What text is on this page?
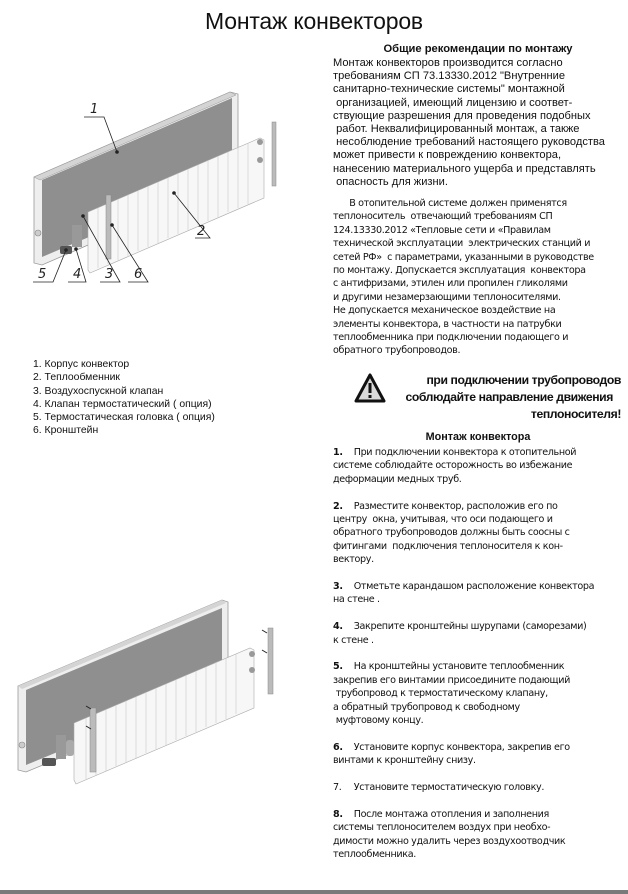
Монтаж конвекторов
1
2
3
4
5	6
1. Корпус конвектор
2. Теплообменник
3. Воздухоспускной клапан
4. Клапан термостатический ( опция)
5. Термостатическая головка ( опция)
6. Кронштейн
Общие рекомендации по монтажу
Монтаж конвекторов производится согласно
требованиям СП 73.13330.2012 "Внутренние
санитарно-технические системы" монтажной
организацией, имеющий лицензию и соответ-
ствующие разрешения для проведения подобных
работ. Неквалифицированный монтаж, а также
несоблюдение требований настоящего руководства
может привести к повреждению конвектора,
нанесению материального ущерба и представлять
опасность для жизни.
В отопительной системе должен применятся
теплоноситель  отвечающий требованиям СП
124.13330.2012 «Тепловые сети и «Правилам
технической эксплуатации  электрических станций и
сетей РФ»  с параметрами, указанными в руководстве
по монтажу. Допускается эксплуатация  конвектора
с антифризами, этилен или пропилен гликолями
и другими незамерзающими теплоносителями.
Не допускается механическое воздействие на
элементы конвектора, в частности на патрубки
теплообменника при подключении подающего и
обратного трубопроводов.
при подключении трубопроводов
соблюдайте направление движения
теплоносителя!
Монтаж конвектора
1. При подключении конвектора к отопительной
системе соблюдайте осторожность во избежание
деформации медных труб.
2. Разместите конвектор, расположив его по
центру  окна, учитывая, что оси подающего и
обратного трубопроводов должны быть соосны с
фитингами  подключения теплоносителя к кон-
вектору.
3. Отметьте карандашом расположение конвектора
на стене .
4. Закрепите кронштейны шурупами (саморезами)
к стене .
5. На кронштейны установите теплообменник
закрепив его винтамии присоедините подающий
трубопровод к термостатическому клапану,
а обратный трубопровод к свободному
муфтовому концу.
6. Установите корпус конвектора, закрепив его
винтами к кронштейну снизу.
7. Установите термостатическую головку.
8. После монтажа отопления и заполнения
системы теплоносителем воздух при необхо-
димости можно удалить через воздухоотводчик
теплообменника.
